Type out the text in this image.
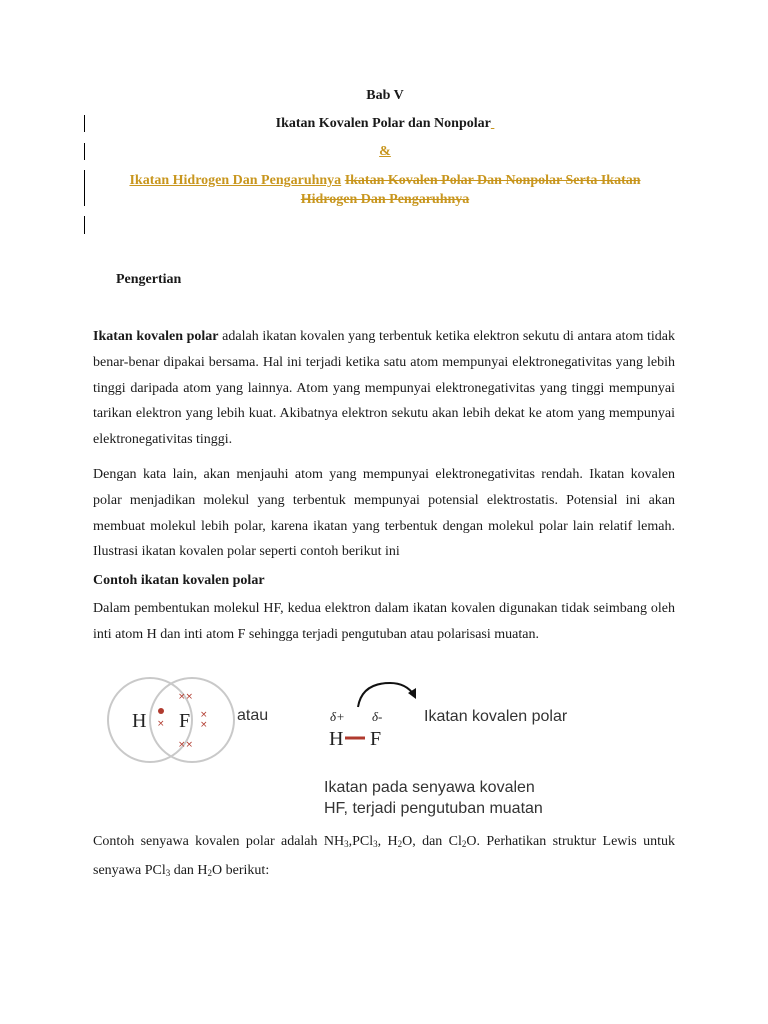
Bab V
Ikatan Kovalen Polar dan Nonpolar
&
Ikatan Hidrogen Dan Pengaruhnya Ikatan Kovalen Polar Dan Nonpolar Serta Ikatan
Hidrogen Dan Pengaruhnya
Pengertian

Ikatan kovalen polar adalah ikatan kovalen yang terbentuk ketika elektron sekutu di antara atom tidak benar-benar dipakai bersama. Hal ini terjadi ketika satu atom mempunyai elektronegativitas yang lebih tinggi daripada atom yang lainnya. Atom yang mempunyai elektronegativitas yang tinggi mempunyai tarikan elektron yang lebih kuat. Akibatnya elektron sekutu akan lebih dekat ke atom yang mempunyai elektronegativitas tinggi.

Dengan kata lain, akan menjauhi atom yang mempunyai elektronegativitas rendah. Ikatan kovalen polar menjadikan molekul yang terbentuk mempunyai potensial elektrostatis. Potensial ini akan membuat molekul lebih polar, karena ikatan yang terbentuk dengan molekul polar lain relatif lemah. Ilustrasi ikatan kovalen polar seperti contoh berikut ini

Contoh ikatan kovalen polar
Dalam pembentukan molekul HF, kedua elektron dalam ikatan kovalen digunakan tidak seimbang oleh inti atom H dan inti atom F sehingga terjadi pengutuban atau polarisasi muatan.
H F
×
××
××
×
×
atau	δ+ δ-
H F
Ikatan kovalen polar
Ikatan pada senyawa kovalen
HF, terjadi pengutuban muatan
Contoh senyawa kovalen polar adalah $NH_3,PCl_3$, $H_2O$, dan $Cl_2O$. Perhatikan struktur Lewis untuk senyawa PCl$_3$ dan $H_2O$ berikut:
